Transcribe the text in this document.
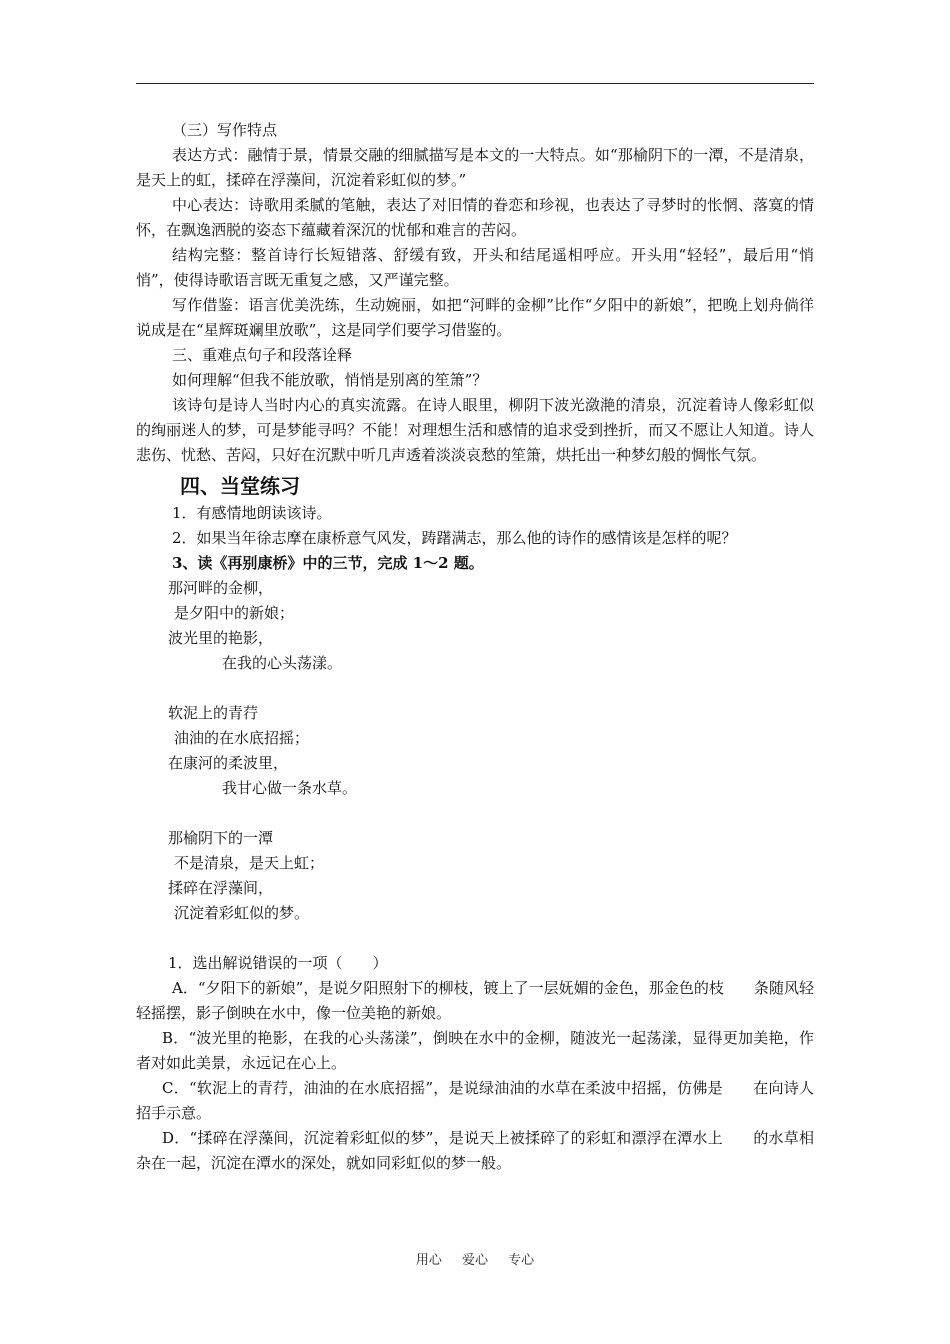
（三）写作特点
表达方式：融情于景，情景交融的细腻描写是本文的一大特点。如“那榆阴下的一潭，不是清泉，是天上的虹，揉碎在浮藻间，沉淀着彩虹似的梦。”
中心表达：诗歌用柔腻的笔触，表达了对旧情的眷恋和珍视，也表达了寻梦时的怅惘、落寞的情怀，在飘逸洒脱的姿态下蕴藏着深沉的忧郁和难言的苦闷。
结构完整：整首诗行长短错落、舒缓有致，开头和结尾遥相呼应。开头用“轻轻”，最后用“悄悄”，使得诗歌语言既无重复之感，又严谨完整。
写作借鉴：语言优美洗练，生动婉丽，如把“河畔的金柳”比作“夕阳中的新娘”，把晚上划舟倘徉说成是在“星辉斑斓里放歌”，这是同学们要学习借鉴的。
三、重难点句子和段落诠释
如何理解“但我不能放歌，悄悄是别离的笙箫”？
该诗句是诗人当时内心的真实流露。在诗人眼里，柳阴下波光潋滟的清泉，沉淀着诗人像彩虹似的绚丽迷人的梦，可是梦能寻吗？不能！对理想生活和感情的追求受到挫折，而又不愿让人知道。诗人悲伤、忧愁、苦闷，只好在沉默中听几声透着淡淡哀愁的笙箫，烘托出一种梦幻般的惆怅气氛。
四、当堂练习
1．有感情地朗读该诗。
2．如果当年徐志摩在康桥意气风发，踌躇满志，那么他的诗作的感情该是怎样的呢？
3、读《再别康桥》中的三节，完成 1～2 题。
那河畔的金柳，
是夕阳中的新娘；
波光里的艳影，
在我的心头荡漾。
软泥上的青荇
油油的在水底招摇；
在康河的柔波里，
我甘心做一条水草。
那榆阴下的一潭
不是清泉，是天上虹；
揉碎在浮藻间，
沉淀着彩虹似的梦。
1．选出解说错误的一项（　　）
A．“夕阳下的新娘”，是说夕阳照射下的柳枝，镀上了一层妩媚的金色，那金色的枝　　条随风轻轻摇摆，影子倒映在水中，像一位美艳的新娘。
B．“波光里的艳影，在我的心头荡漾”，倒映在水中的金柳，随波光一起荡漾，显得更加美艳，作者对如此美景，永远记在心上。
C．“软泥上的青荇，油油的在水底招摇”，是说绿油油的水草在柔波中招摇，仿佛是　　在向诗人招手示意。
D．“揉碎在浮藻间，沉淀着彩虹似的梦”，是说天上被揉碎了的彩虹和漂浮在潭水上　　的水草相杂在一起，沉淀在潭水的深处，就如同彩虹似的梦一般。
用心 爱心 专心
